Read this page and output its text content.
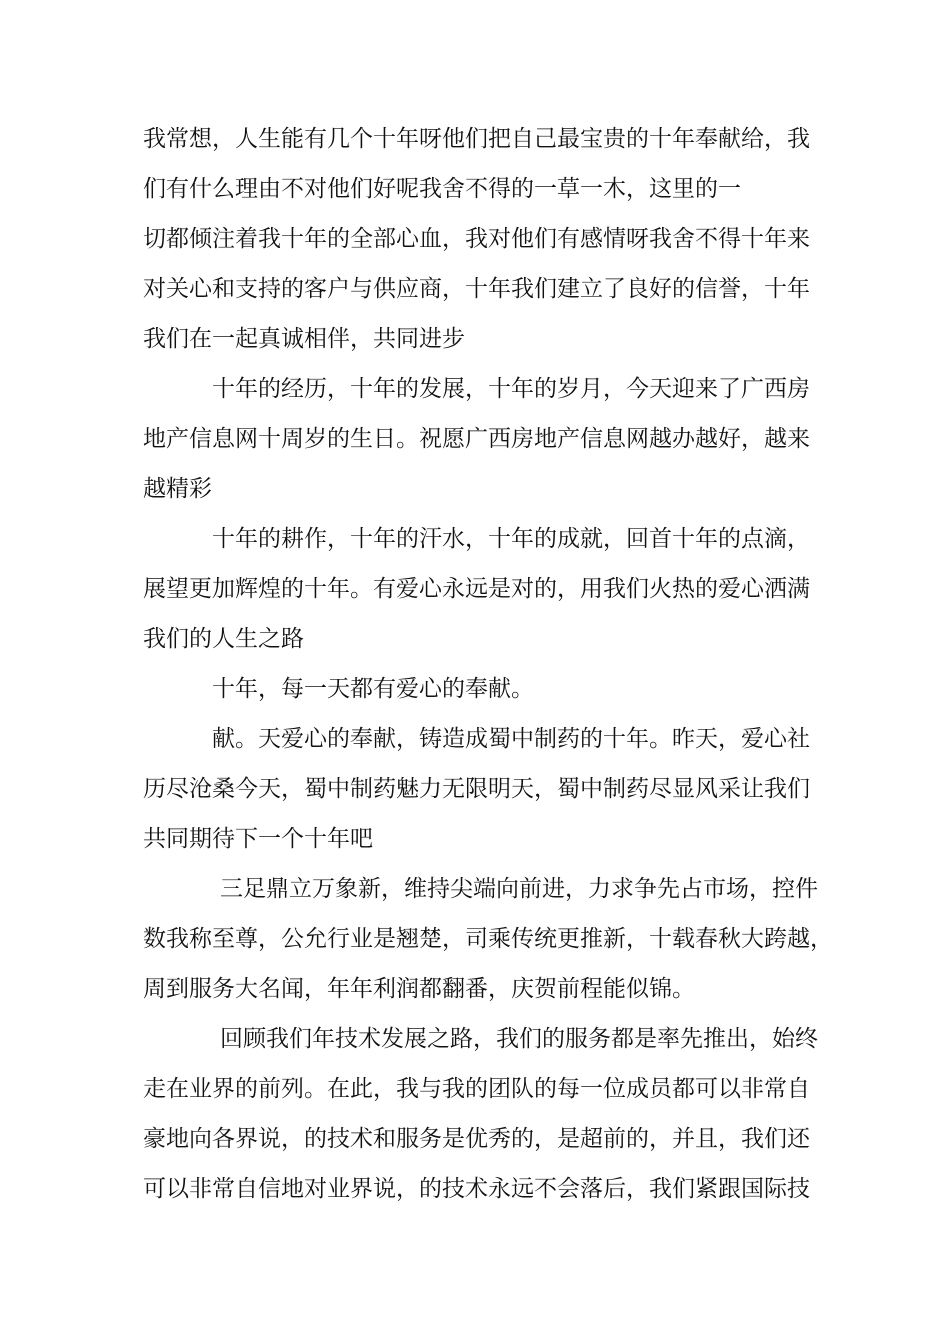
我常想，人生能有几个十年呀他们把自己最宝贵的十年奉献给，我
们有什么理由不对他们好呢我舍不得的一草一木，这里的一
切都倾注着我十年的全部心血，我对他们有感情呀我舍不得十年来
对关心和支持的客户与供应商，十年我们建立了良好的信誉，十年
我们在一起真诚相伴，共同进步
十年的经历，十年的发展，十年的岁月，今天迎来了广西房
地产信息网十周岁的生日。祝愿广西房地产信息网越办越好，越来
越精彩
十年的耕作，十年的汗水，十年的成就，回首十年的点滴，
展望更加辉煌的十年。有爱心永远是对的，用我们火热的爱心洒满
我们的人生之路
十年，每一天都有爱心的奉献。
献。天爱心的奉献，铸造成蜀中制药的十年。昨天，爱心社
历尽沧桑今天，蜀中制药魅力无限明天，蜀中制药尽显风采让我们
共同期待下一个十年吧
三足鼎立万象新，维持尖端向前进，力求争先占市场，控件
数我称至尊，公允行业是翘楚，司乘传统更推新，十载春秋大跨越，
周到服务大名闻，年年利润都翻番，庆贺前程能似锦。
回顾我们年技术发展之路，我们的服务都是率先推出，始终
走在业界的前列。在此，我与我的团队的每一位成员都可以非常自
豪地向各界说，的技术和服务是优秀的，是超前的，并且，我们还
可以非常自信地对业界说，的技术永远不会落后，我们紧跟国际技
